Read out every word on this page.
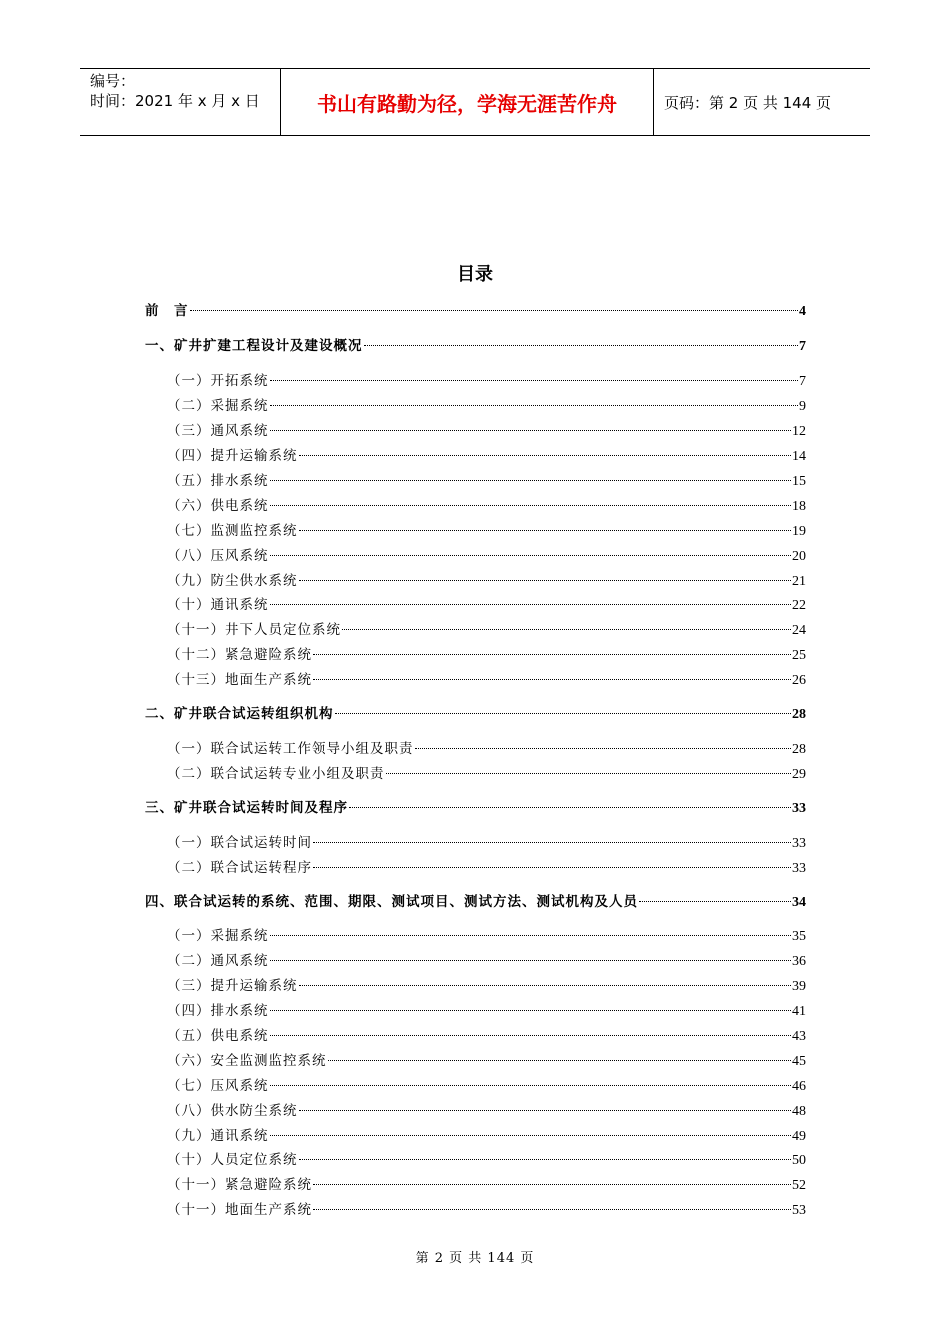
编号：
时间：2021 年 x 月 x 日	书山有路勤为径，学海无涯苦作舟	页码：第 2 页 共 144 页
目录
前　言	4
一、矿井扩建工程设计及建设概况	7
（一）开拓系统	7
（二）采掘系统	9
（三）通风系统	12
（四）提升运输系统	14
（五）排水系统	15
（六）供电系统	18
（七）监测监控系统	19
（八）压风系统	20
（九）防尘供水系统	21
（十）通讯系统	22
（十一）井下人员定位系统	24
（十二）紧急避险系统	25
（十三）地面生产系统	26
二、矿井联合试运转组织机构	28
（一）联合试运转工作领导小组及职责	28
（二）联合试运转专业小组及职责	29
三、矿井联合试运转时间及程序	33
（一）联合试运转时间	33
（二）联合试运转程序	33
四、联合试运转的系统、范围、期限、测试项目、测试方法、测试机构及人员	34
（一）采掘系统	35
（二）通风系统	36
（三）提升运输系统	39
（四）排水系统	41
（五）供电系统	43
（六）安全监测监控系统	45
（七）压风系统	46
（八）供水防尘系统	48
（九）通讯系统	49
（十）人员定位系统	50
（十一）紧急避险系统	52
（十一）地面生产系统	53
第 2 页 共 144 页
